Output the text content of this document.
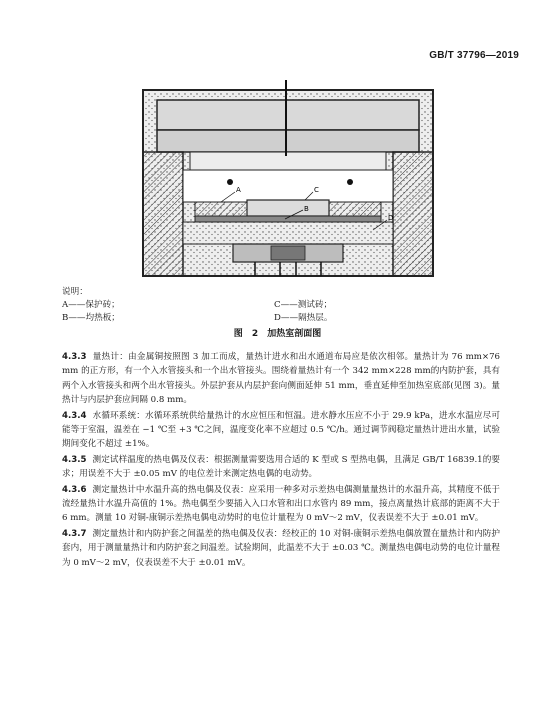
GB/T 37796—2019
A	C
B
D
说明：
A——保护砖；	C——测试砖；
B——均热板；	D——隔热层。
图 2　加热室剖面图

4.3.3 量热计：由金属铜按照图 3 加工而成，量热计进水和出水通道布局应是依次相邻。量热计为 76 mm×76 mm 的正方形，有一个入水管接头和一个出水管接头。围绕着量热计有一个 342 mm×228 mm的内防护套，具有两个入水管接头和两个出水管接头。外层护套从内层护套向侧面延伸 51 mm，垂直延伸至加热室底部(见图 3)。量热计与内层护套应间隔 0.8 mm。

4.3.4 水循环系统：水循环系统供给量热计的水应恒压和恒温。进水静水压应不小于 29.9 kPa，进水水温应尽可能等于室温，温差在 −1 ℃至 +3 ℃之间，温度变化率不应超过 0.5 ℃/h。通过调节阀稳定量热计进出水量，试验期间变化不超过 ±1%。

4.3.5 测定试样温度的热电偶及仪表：根据测量需要选用合适的 K 型或 S 型热电偶，且满足 GB/T 16839.1的要求；用误差不大于 ±0.05 mV 的电位差计来测定热电偶的电动势。

4.3.6 测定量热计中水温升高的热电偶及仪表：应采用一种多对示差热电偶测量量热计的水温升高，其精度不低于流经量热计水温升高值的 1%。热电偶至少要插入入口水管和出口水管内 89 mm，接点离量热计底部的距离不大于 6 mm。测量 10 对铜-康铜示差热电偶电动势时的电位计量程为 0 mV～2 mV，仪表误差不大于 ±0.01 mV。

4.3.7 测定量热计和内防护套之间温差的热电偶及仪表：经校正的 10 对铜-康铜示差热电偶放置在量热计和内防护套内，用于测量量热计和内防护套之间温差。试验期间，此温差不大于 ±0.03 ℃。测量热电偶电动势的电位计量程为 0 mV～2 mV，仪表误差不大于 ±0.01 mV。
